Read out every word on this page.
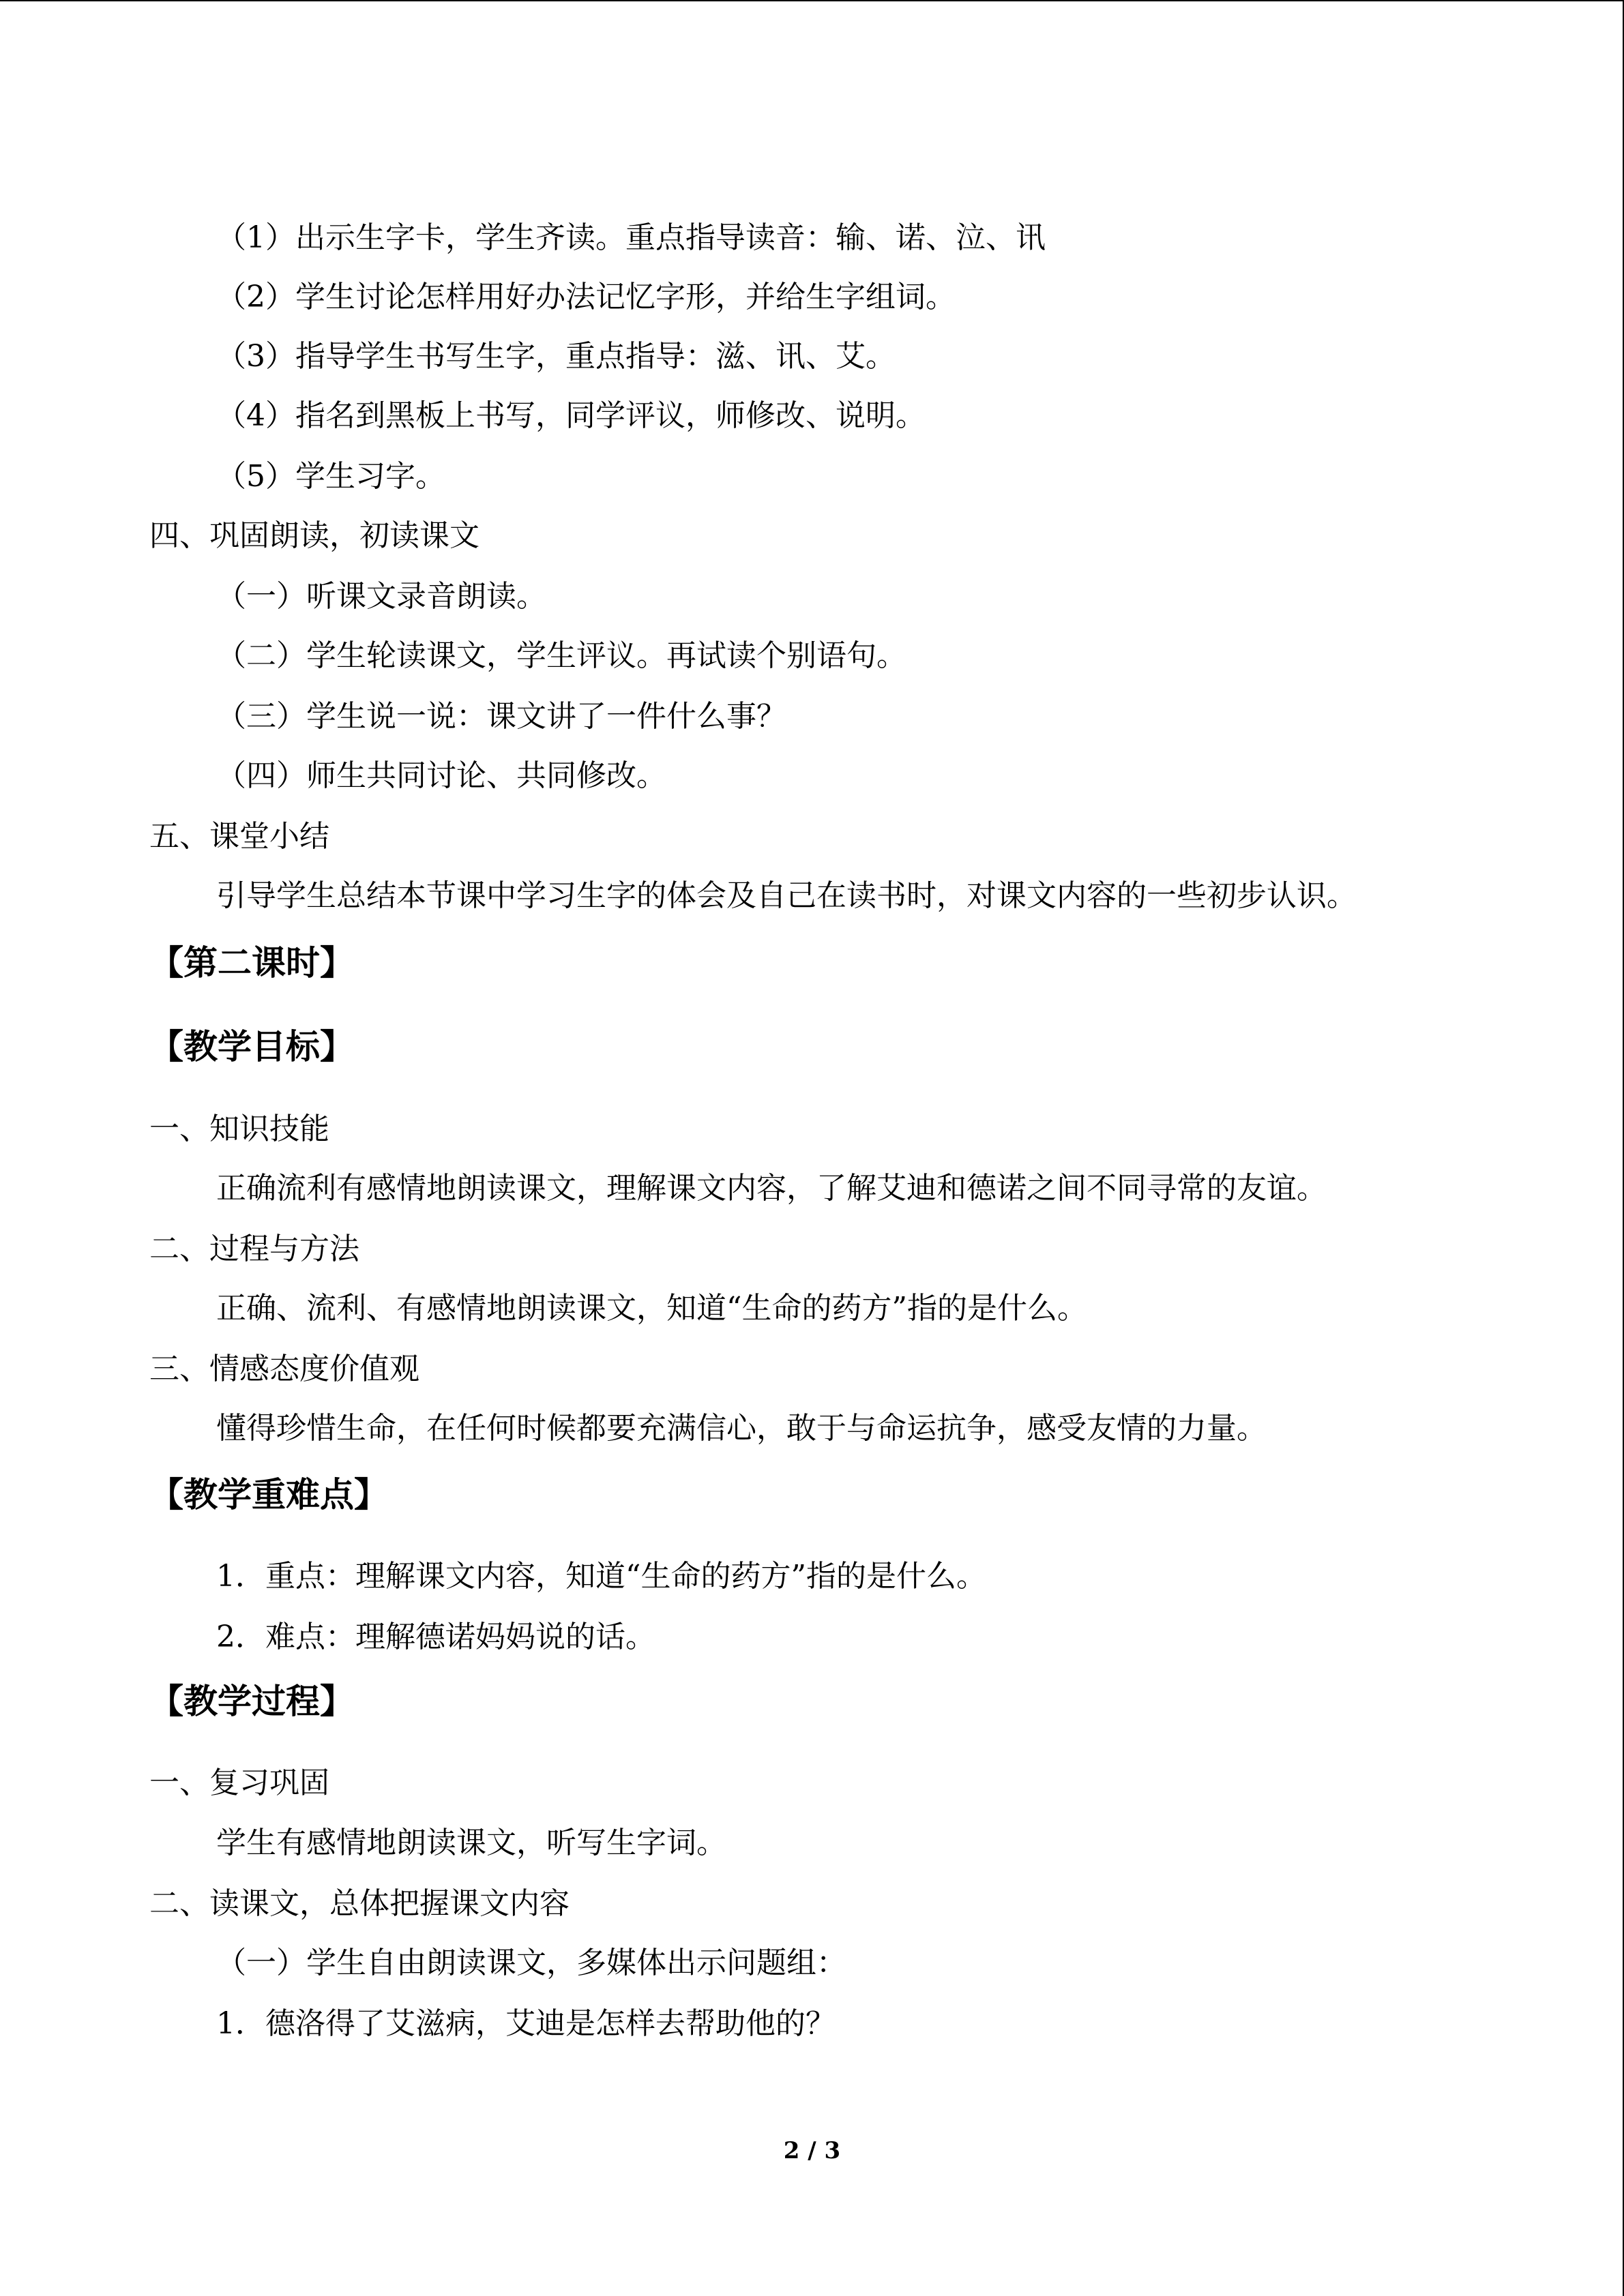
（1）出示生字卡，学生齐读。重点指导读音：输、诺、泣、讯
（2）学生讨论怎样用好办法记忆字形，并给生字组词。
（3）指导学生书写生字，重点指导：滋、讯、艾。
（4）指名到黑板上书写，同学评议，师修改、说明。
（5）学生习字。
四、巩固朗读，初读课文
（一）听课文录音朗读。
（二）学生轮读课文，学生评议。再试读个别语句。
（三）学生说一说：课文讲了一件什么事？
（四）师生共同讨论、共同修改。
五、课堂小结
引导学生总结本节课中学习生字的体会及自己在读书时，对课文内容的一些初步认识。
【第二课时】
【教学目标】
一、知识技能
正确流利有感情地朗读课文，理解课文内容，了解艾迪和德诺之间不同寻常的友谊。
二、过程与方法
正确、流利、有感情地朗读课文，知道“生命的药方”指的是什么。
三、情感态度价值观
懂得珍惜生命，在任何时候都要充满信心，敢于与命运抗争，感受友情的力量。
【教学重难点】
1．重点：理解课文内容，知道“生命的药方”指的是什么。
2．难点：理解德诺妈妈说的话。
【教学过程】
一、复习巩固
学生有感情地朗读课文，听写生字词。
二、读课文，总体把握课文内容
（一）学生自由朗读课文，多媒体出示问题组：
1．德洛得了艾滋病，艾迪是怎样去帮助他的？
2 / 3
